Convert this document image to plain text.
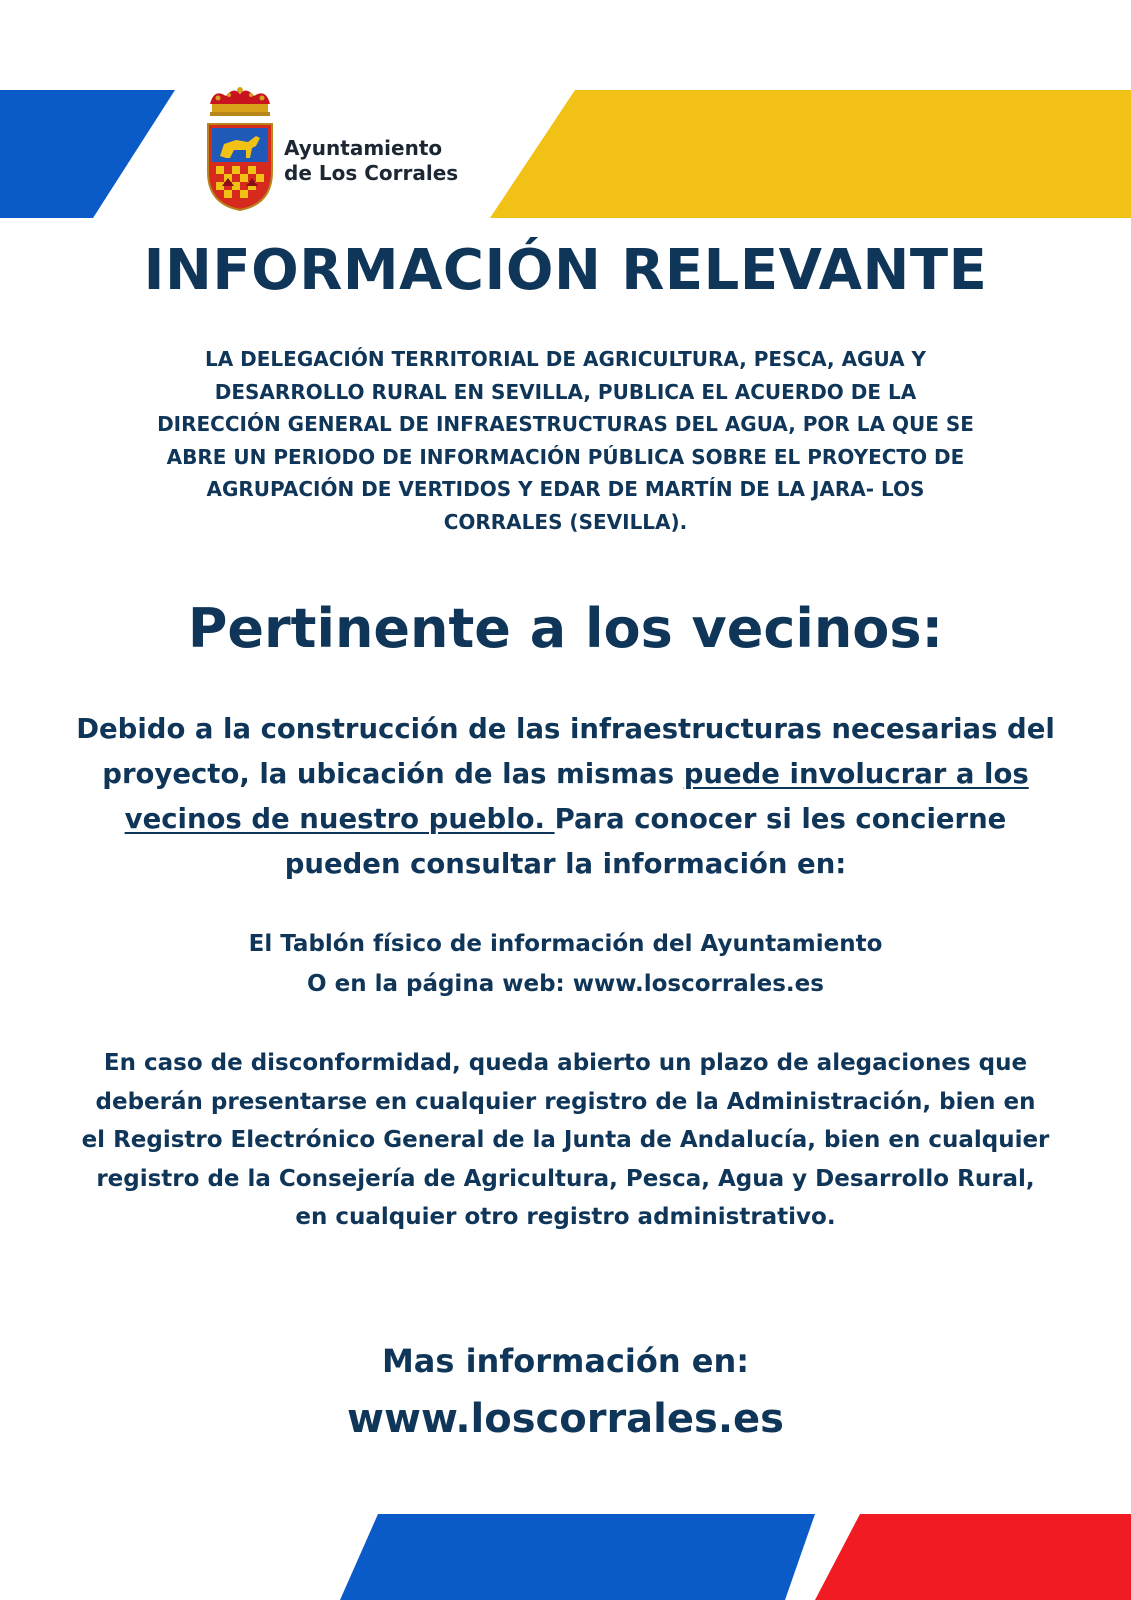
Ayuntamiento
de Los Corrales
INFORMACIÓN RELEVANTE
LA DELEGACIÓN TERRITORIAL DE AGRICULTURA, PESCA, AGUA Y
DESARROLLO RURAL EN SEVILLA, PUBLICA EL ACUERDO DE LA
DIRECCIÓN GENERAL DE INFRAESTRUCTURAS DEL AGUA, POR LA QUE SE
ABRE UN PERIODO DE INFORMACIÓN PÚBLICA SOBRE EL PROYECTO DE
AGRUPACIÓN DE VERTIDOS Y EDAR DE MARTÍN DE LA JARA- LOS
CORRALES (SEVILLA).
Pertinente a los vecinos:
Debido a la construcción de las infraestructuras necesarias del
proyecto, la ubicación de las mismas puede involucrar a los
vecinos de nuestro pueblo. Para conocer si les concierne
pueden consultar la información en:
El Tablón físico de información del Ayuntamiento
O en la página web: www.loscorrales.es
En caso de disconformidad, queda abierto un plazo de alegaciones que
deberán presentarse en cualquier registro de la Administración, bien en
el Registro Electrónico General de la Junta de Andalucía, bien en cualquier
registro de la Consejería de Agricultura, Pesca, Agua y Desarrollo Rural,
en cualquier otro registro administrativo.
Mas información en:
www.loscorrales.es
